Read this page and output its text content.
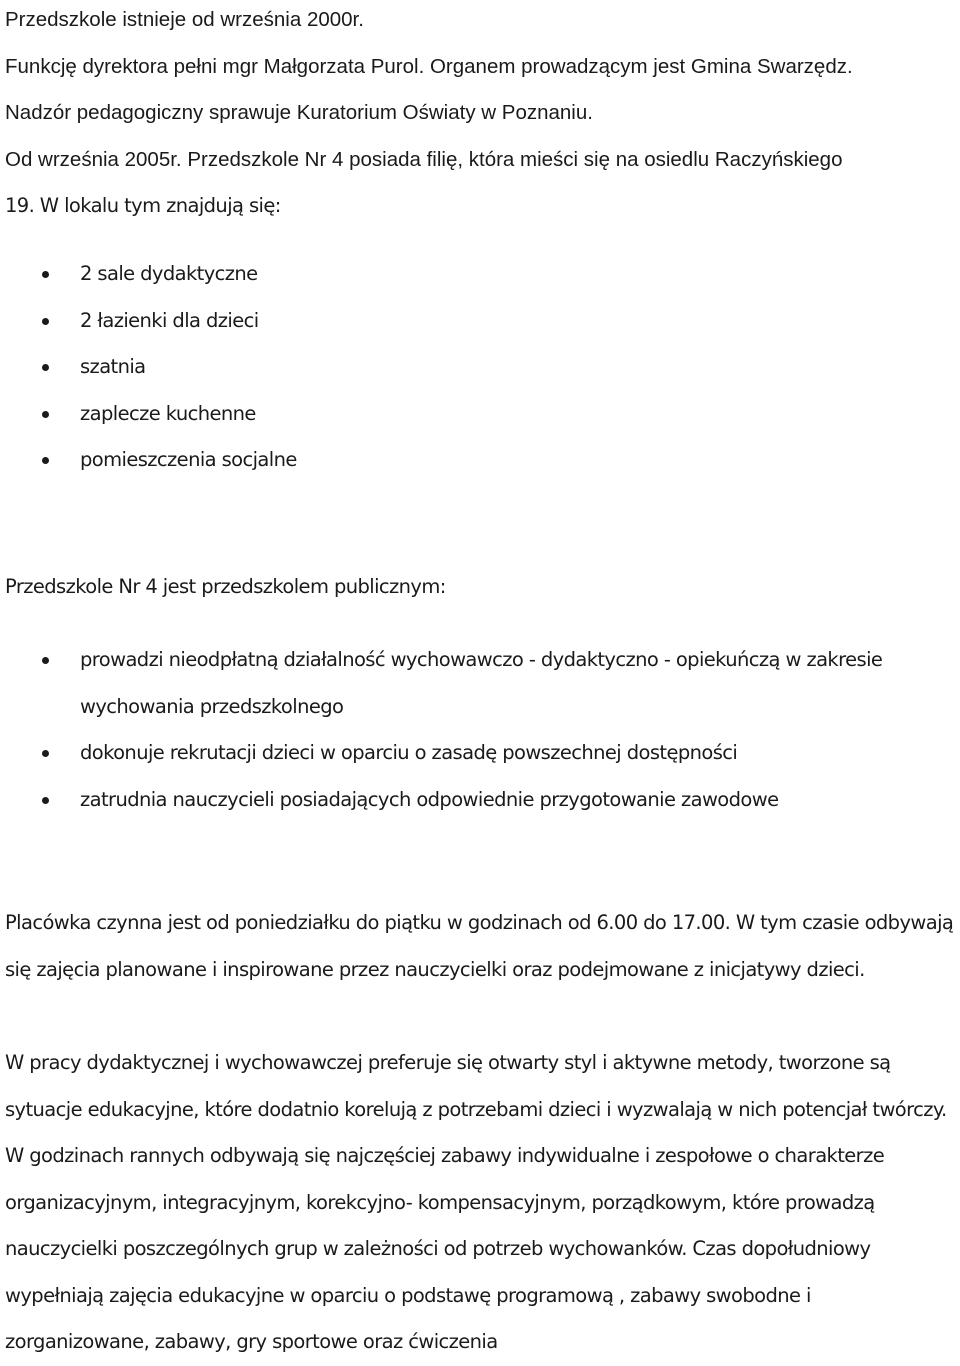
Przedszkole istnieje od września 2000r.

Funkcję dyrektora pełni mgr Małgorzata Purol. Organem prowadzącym jest Gmina Swarzędz.

Nadzór pedagogiczny sprawuje Kuratorium Oświaty w Poznaniu.

Od września 2005r. Przedszkole Nr 4 posiada filię, która mieści się na osiedlu Raczyńskiego

19. W lokalu tym znajdują się:

2 sale dydaktyczne
2 łazienki dla dzieci
szatnia
zaplecze kuchenne
pomieszczenia socjalne

Przedszkole Nr 4 jest przedszkolem publicznym:

prowadzi nieodpłatną działalność wychowawczo - dydaktyczno - opiekuńczą w zakresie wychowania przedszkolnego
dokonuje rekrutacji dzieci w oparciu o zasadę powszechnej dostępności
zatrudnia nauczycieli posiadających odpowiednie przygotowanie zawodowe

Placówka czynna jest od poniedziałku do piątku w godzinach od 6.00 do 17.00. W tym czasie odbywają się zajęcia planowane i inspirowane przez nauczycielki oraz podejmowane z inicjatywy dzieci.

W pracy dydaktycznej i wychowawczej preferuje się otwarty styl i aktywne metody, tworzone są sytuacje edukacyjne, które dodatnio korelują z potrzebami dzieci i wyzwalają w nich potencjał twórczy. W godzinach rannych odbywają się najczęściej zabawy indywidualne i zespołowe o charakterze organizacyjnym, integracyjnym, korekcyjno- kompensacyjnym, porządkowym, które prowadzą nauczycielki poszczególnych grup w zależności od potrzeb wychowanków. Czas dopołudniowy wypełniają zajęcia edukacyjne w oparciu o podstawę programową , zabawy swobodne i zorganizowane, zabawy, gry sportowe oraz ćwiczenia
